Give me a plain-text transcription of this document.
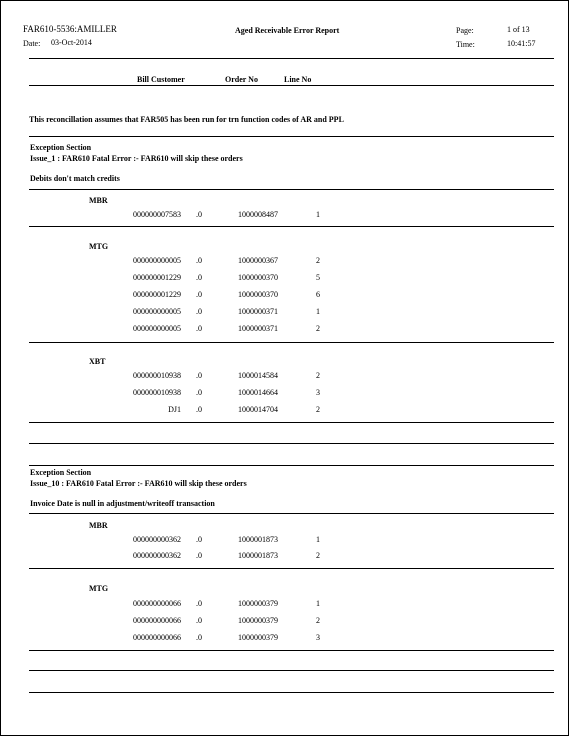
FAR610-5536:AMILLER	Aged Receivable Error Report	Page:	1 of 13
Date: 03-Oct-2014	Time:	10:41:57
Bill Customer	Order No	Line No
This reconcillation assumes that FAR505 has been run for trn function codes of AR and PPL
Exception Section
Issue_1 : FAR610 Fatal Error :- FAR610 will skip these orders
Debits don't match credits
MBR
000000007583 .0	1000008487	1
MTG
000000000005 .0	1000000367	2
000000001229 .0	1000000370	5
000000001229 .0	1000000370	6
000000000005 .0	1000000371	1
000000000005 .0	1000000371	2
XBT
000000010938 .0	1000014584	2
000000010938 .0	1000014664	3
DJ1 .0	1000014704	2
Exception Section
Issue_10 : FAR610 Fatal Error :- FAR610 will skip these orders
Invoice Date is null in adjustment/writeoff transaction
MBR
000000000362 .0	1000001873	1
000000000362 .0	1000001873	2
MTG
000000000066 .0	1000000379	1
000000000066 .0	1000000379	2
000000000066 .0	1000000379	3
